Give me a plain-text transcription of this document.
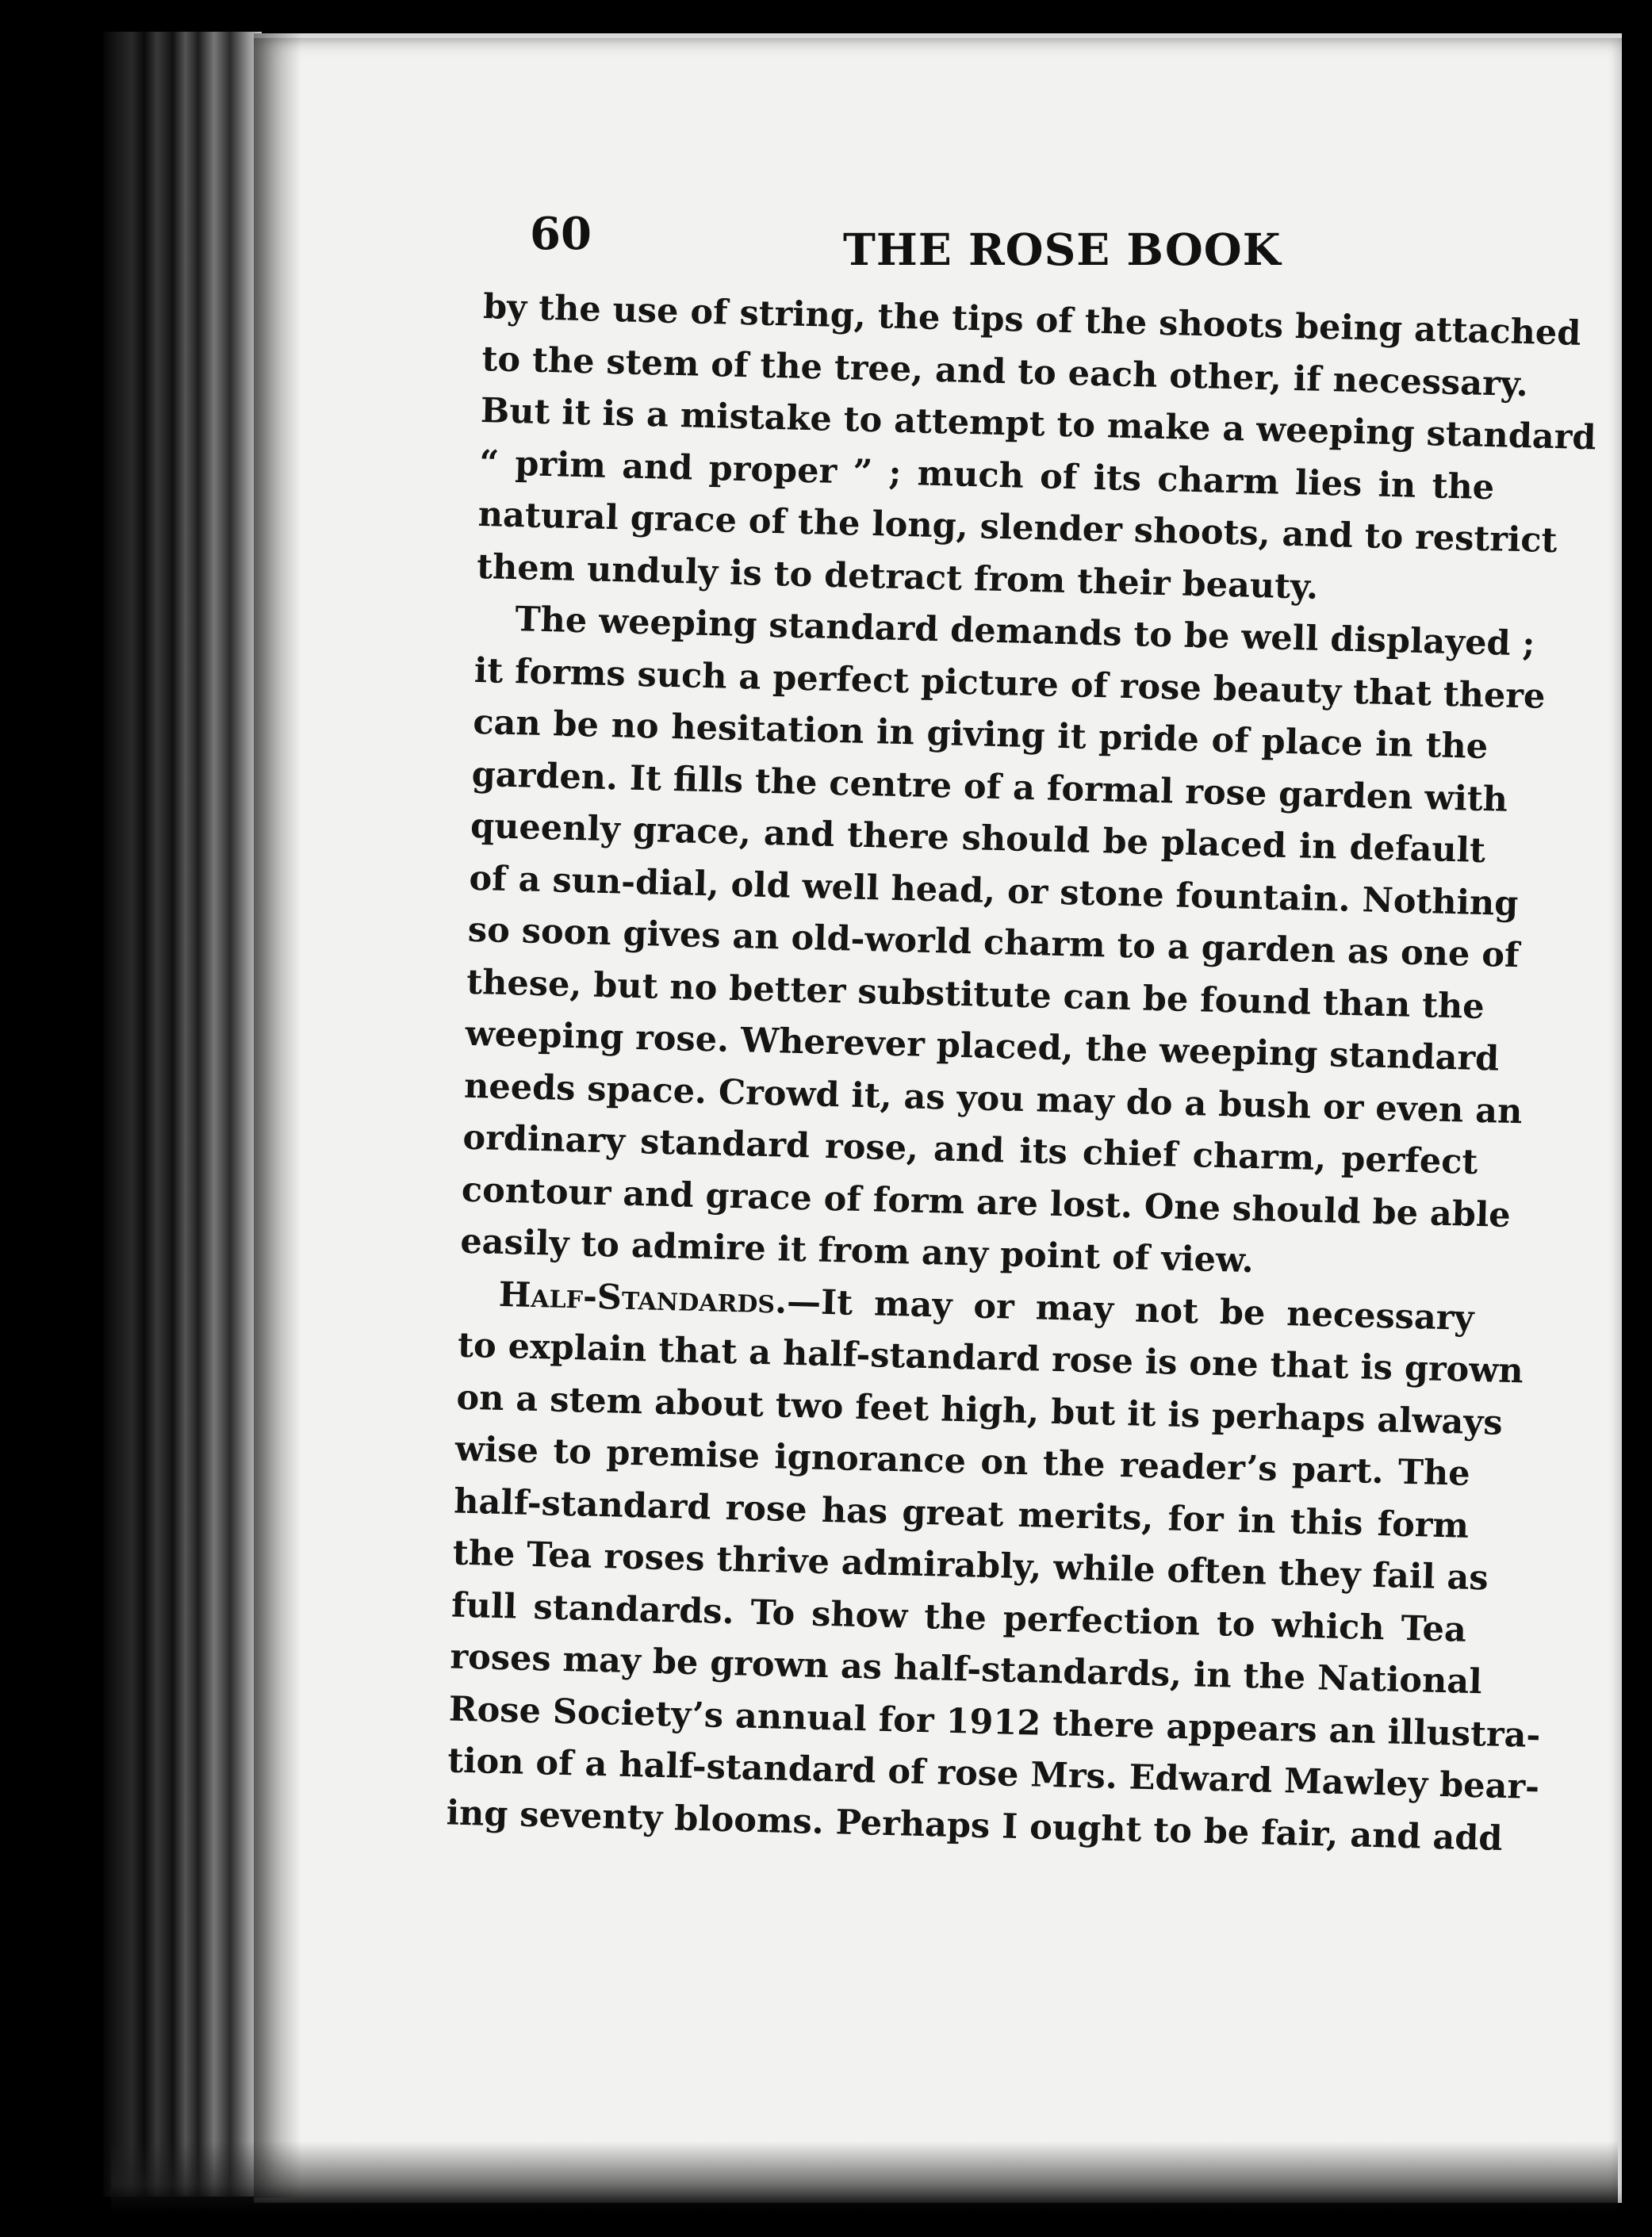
60	THE ROSE BOOK
by the use of string, the tips of the shoots being attached
to the stem of the tree, and to each other, if necessary.
But it is a mistake to attempt to make a weeping standard
“ prim and proper ” ; much of its charm lies in the
natural grace of the long, slender shoots, and to restrict
them unduly is to detract from their beauty.
The weeping standard demands to be well displayed ;
it forms such a perfect picture of rose beauty that there
can be no hesitation in giving it pride of place in the
garden. It fills the centre of a formal rose garden with
queenly grace, and there should be placed in default
of a sun-dial, old well head, or stone fountain. Nothing
so soon gives an old-world charm to a garden as one of
these, but no better substitute can be found than the
weeping rose. Wherever placed, the weeping standard
needs space. Crowd it, as you may do a bush or even an
ordinary standard rose, and its chief charm, perfect
contour and grace of form are lost. One should be able
easily to admire it from any point of view.
Half-Standards.—It may or may not be necessary
to explain that a half-standard rose is one that is grown
on a stem about two feet high, but it is perhaps always
wise to premise ignorance on the reader’s part. The
half-standard rose has great merits, for in this form
the Tea roses thrive admirably, while often they fail as
full standards. To show the perfection to which Tea
roses may be grown as half-standards, in the National
Rose Society’s annual for 1912 there appears an illustra-
tion of a half-standard of rose Mrs. Edward Mawley bear-
ing seventy blooms. Perhaps I ought to be fair, and add
